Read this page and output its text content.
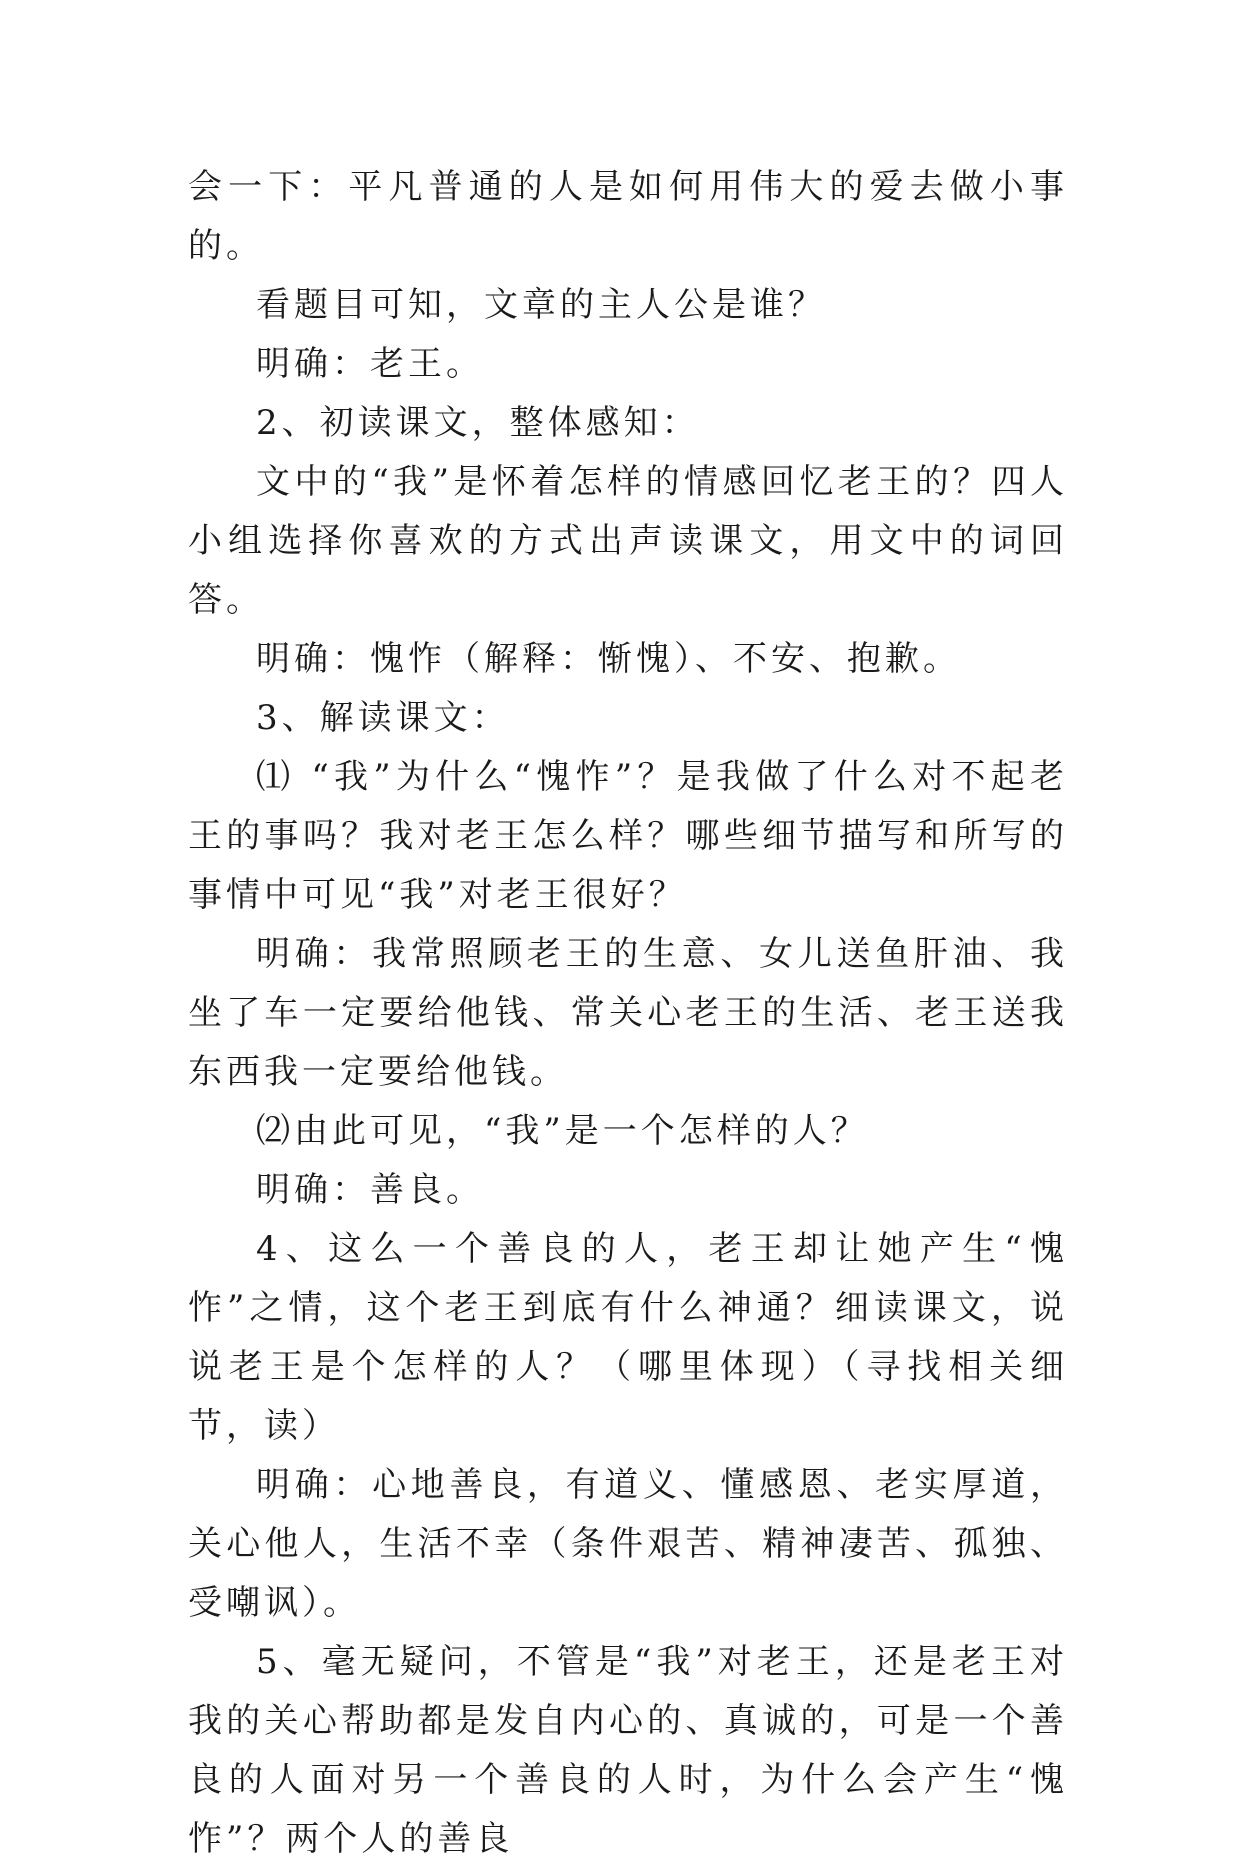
会一下：平凡普通的人是如何用伟大的爱去做小事的。

看题目可知，文章的主人公是谁？

明确：老王。

2、初读课文，整体感知：

文中的“我”是怀着怎样的情感回忆老王的？四人小组选择你喜欢的方式出声读课文，用文中的词回答。

明确：愧怍（解释：惭愧）、不安、抱歉。

3、解读课文：

⑴ “我”为什么“愧怍”？是我做了什么对不起老王的事吗？我对老王怎么样？哪些细节描写和所写的事情中可见“我”对老王很好？

明确：我常照顾老王的生意、女儿送鱼肝油、我坐了车一定要给他钱、常关心老王的生活、老王送我东西我一定要给他钱。

⑵由此可见，“我”是一个怎样的人？

明确：善良。

4、这么一个善良的人，老王却让她产生“愧怍”之情，这个老王到底有什么神通？细读课文，说说老王是个怎样的人？（哪里体现）（寻找相关细节，读）

明确：心地善良，有道义、懂感恩、老实厚道，关心他人，生活不幸（条件艰苦、精神凄苦、孤独、受嘲讽）。

5、毫无疑问，不管是“我”对老王，还是老王对我的关心帮助都是发自内心的、真诚的，可是一个善良的人面对另一个善良的人时，为什么会产生“愧怍”？两个人的善良
